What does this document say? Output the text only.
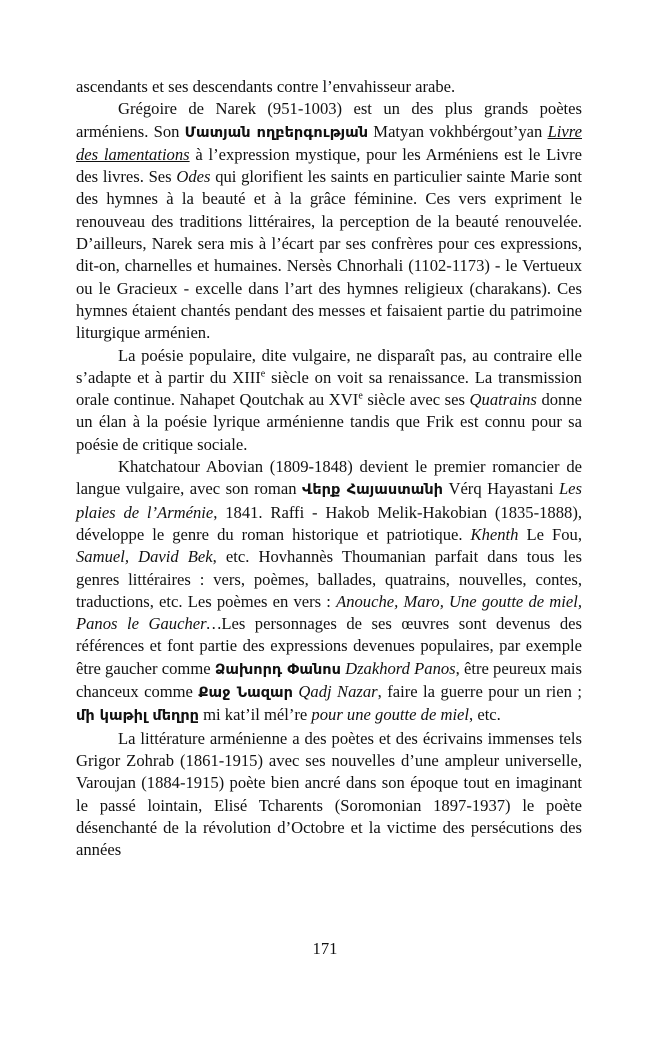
ascendants et ses descendants contre l’envahisseur arabe.

Grégoire de Narek (951-1003) est un des plus grands poètes arméniens. Son Մատյան ողբերգության Matyan vokhbérgout’yan Livre des lamentations à l’expression mystique, pour les Arméniens est le Livre des livres. Ses Odes qui glorifient les saints en particulier sainte Marie sont des hymnes à la beauté et à la grâce féminine. Ces vers expriment le renouveau des traditions littéraires, la perception de la beauté renouvelée. D’ailleurs, Narek sera mis à l’écart par ses confrères pour ces expressions, dit-on, charnelles et humaines. Nersès Chnorhali (1102-1173) - le Vertueux ou le Gracieux - excelle dans l’art des hymnes religieux (charakans). Ces hymnes étaient chantés pendant des messes et faisaient partie du patrimoine liturgique arménien.

La poésie populaire, dite vulgaire, ne disparaît pas, au contraire elle s’adapte et à partir du XIIIe siècle on voit sa renaissance. La transmission orale continue. Nahapet Qoutchak au XVIe siècle avec ses Quatrains donne un élan à la poésie lyrique arménienne tandis que Frik est connu pour sa poésie de critique sociale.

Khatchatour Abovian (1809-1848) devient le premier romancier de langue vulgaire, avec son roman Վերք Հայաստանի Vérq Hayastani Les plaies de l’Arménie, 1841. Raffi - Hakob Melik-Hakobian (1835-1888), développe le genre du roman historique et patriotique. Khenth Le Fou, Samuel, David Bek, etc. Hovhannès Thoumanian parfait dans tous les genres littéraires : vers, poèmes, ballades, quatrains, nouvelles, contes, traductions, etc. Les poèmes en vers : Anouche, Maro, Une goutte de miel, Panos le Gaucher…Les personnages de ses œuvres sont devenus des références et font partie des expressions devenues populaires, par exemple être gaucher comme Ձախորդ Փանոս Dzakhord Panos, être peureux mais chanceux comme Քաջ Նազար Qadj Nazar, faire la guerre pour un rien ; մի կաթիլ մեղրը mi kat’il mél’re pour une goutte de miel, etc.

La littérature arménienne a des poètes et des écrivains immenses tels Grigor Zohrab (1861-1915) avec ses nouvelles d’une ampleur universelle, Varoujan (1884-1915) poète bien ancré dans son époque tout en imaginant le passé lointain, Elisé Tcharents (Soromonian 1897-1937) le poète désenchanté de la révolution d’Octobre et la victime des persécutions des années

171
